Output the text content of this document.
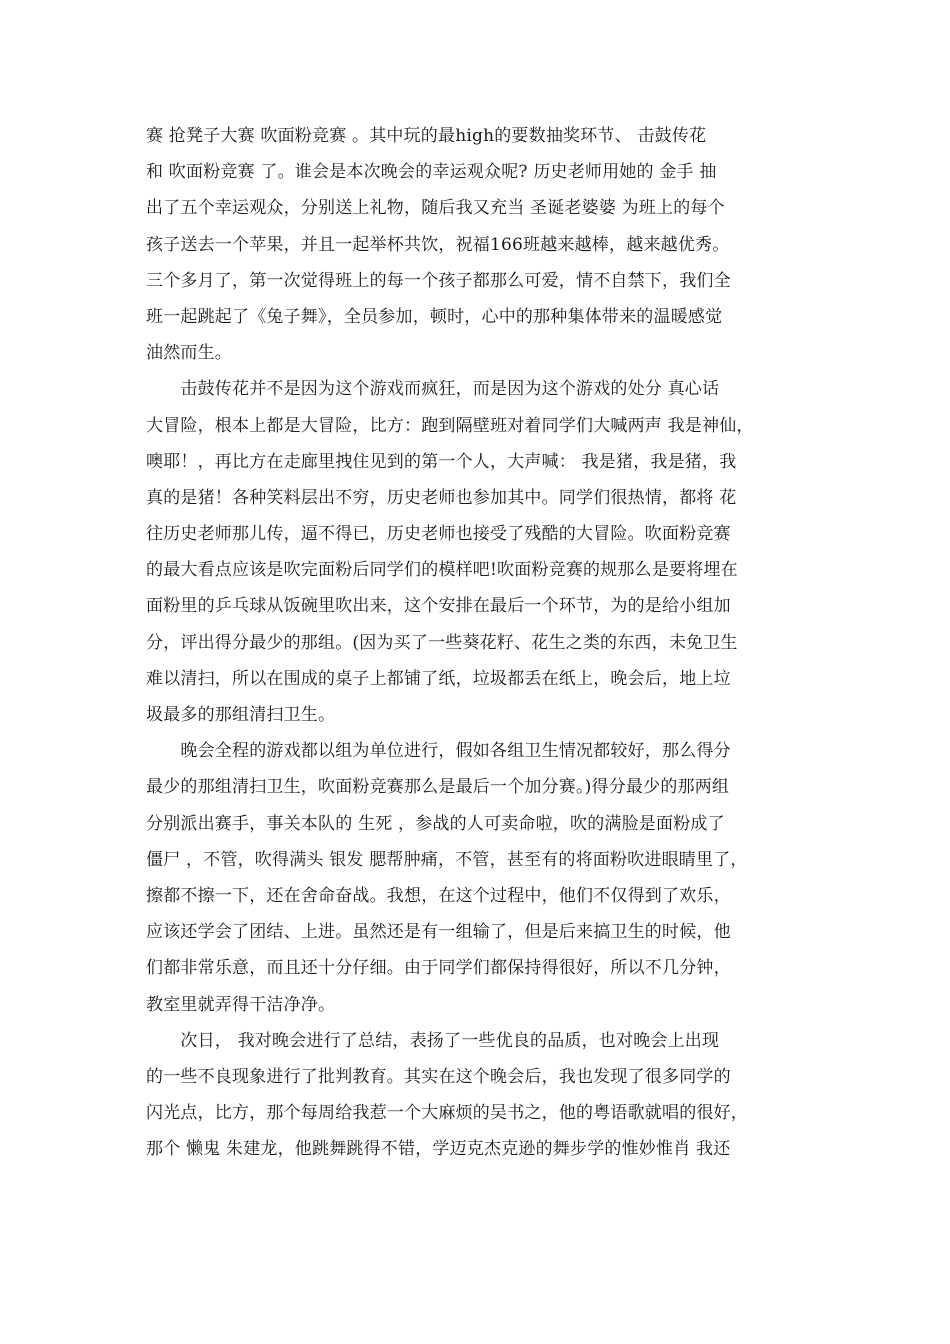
赛 抢凳子大赛 吹面粉竞赛 。其中玩的最high的要数抽奖环节、 击鼓传花
和 吹面粉竞赛 了。谁会是本次晚会的幸运观众呢? 历史老师用她的 金手 抽
出了五个幸运观众，分别送上礼物，随后我又充当 圣诞老婆婆 为班上的每个
孩子送去一个苹果，并且一起举杯共饮，祝福166班越来越棒，越来越优秀。
三个多月了，第一次觉得班上的每一个孩子都那么可爱，情不自禁下，我们全
班一起跳起了《兔子舞》，全员参加，顿时，心中的那种集体带来的温暖感觉
油然而生。
　　击鼓传花并不是因为这个游戏而疯狂，而是因为这个游戏的处分 真心话
大冒险，根本上都是大冒险，比方：跑到隔壁班对着同学们大喊两声 我是神仙，
噢耶！，再比方在走廊里拽住见到的第一个人，大声喊： 我是猪，我是猪，我
真的是猪！各种笑料层出不穷，历史老师也参加其中。同学们很热情，都将 花
往历史老师那儿传，逼不得已，历史老师也接受了残酷的大冒险。吹面粉竞赛
的最大看点应该是吹完面粉后同学们的模样吧!吹面粉竞赛的规那么是要将埋在
面粉里的乒乓球从饭碗里吹出来，这个安排在最后一个环节，为的是给小组加
分，评出得分最少的那组。(因为买了一些葵花籽、花生之类的东西，未免卫生
难以清扫，所以在围成的桌子上都铺了纸，垃圾都丢在纸上，晚会后，地上垃
圾最多的那组清扫卫生。
　　晚会全程的游戏都以组为单位进行，假如各组卫生情况都较好，那么得分
最少的那组清扫卫生，吹面粉竞赛那么是最后一个加分赛。)得分最少的那两组
分别派出赛手，事关本队的 生死 ，参战的人可卖命啦，吹的满脸是面粉成了
僵尸 ，不管，吹得满头 银发 腮帮肿痛，不管，甚至有的将面粉吹进眼睛里了，
擦都不擦一下，还在舍命奋战。我想，在这个过程中，他们不仅得到了欢乐，
应该还学会了团结、上进。虽然还是有一组输了，但是后来搞卫生的时候，他
们都非常乐意，而且还十分仔细。由于同学们都保持得很好，所以不几分钟，
教室里就弄得干洁净净。
　　次日， 我对晚会进行了总结，表扬了一些优良的品质，也对晚会上出现
的一些不良现象进行了批判教育。其实在这个晚会后，我也发现了很多同学的
闪光点，比方，那个每周给我惹一个大麻烦的吴书之，他的粤语歌就唱的很好，
那个 懒鬼 朱建龙，他跳舞跳得不错，学迈克杰克逊的舞步学的惟妙惟肖 我还
